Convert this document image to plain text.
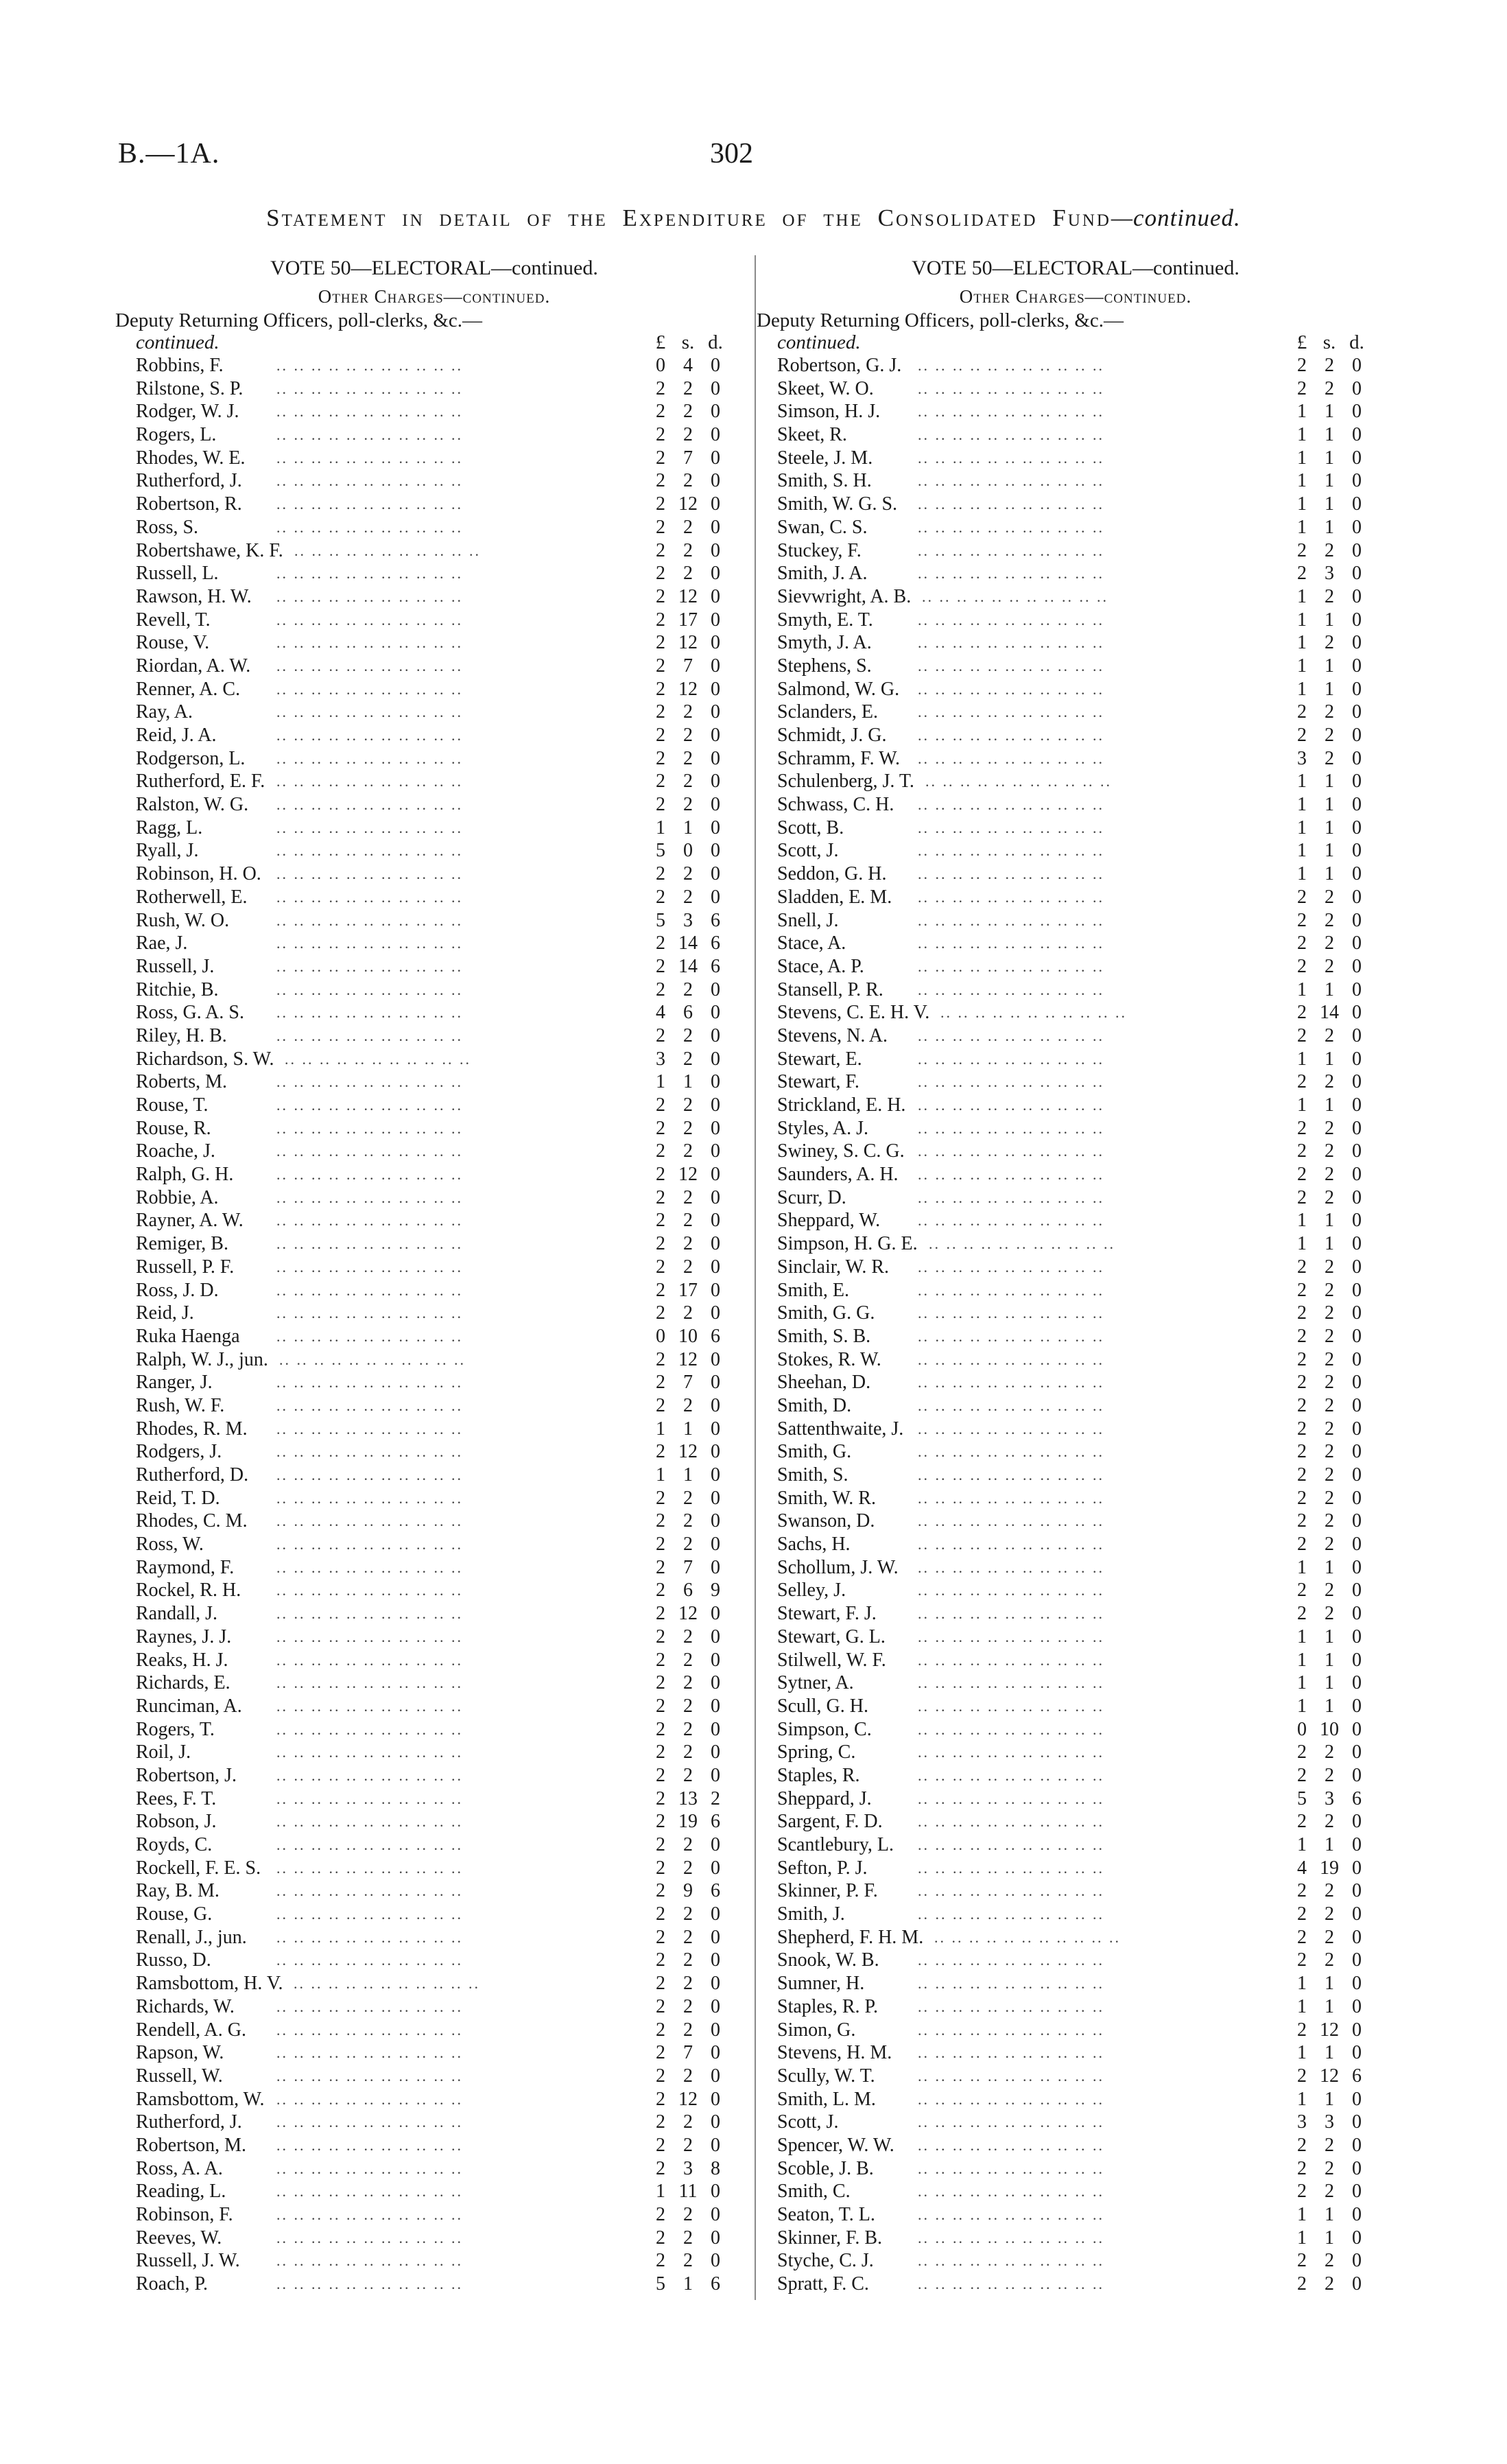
B.—1A.	302
Statement in detail of the Expenditure of the Consolidated Fund—continued.
VOTE 50—ELECTORAL—continued.
Other Charges—continued.
Deputy Returning Officers, poll-clerks, &c.—
continued.	£ s. d.
Robbins, F.	.. .. .. .. .. .. .. .. .. .. ..	0 4 0
Rilstone, S. P. .. .. .. .. .. .. .. .. .. .. ..	2 2 0
Rodger, W. J. .. .. .. .. .. .. .. .. .. .. ..	2 2 0
Rogers, L.	.. .. .. .. .. .. .. .. .. .. ..	2 2 0
Rhodes, W. E. .. .. .. .. .. .. .. .. .. .. ..	2 7 0
Rutherford, J. .. .. .. .. .. .. .. .. .. .. ..	2 2 0
Robertson, R. .. .. .. .. .. .. .. .. .. .. ..	2 12 0
Ross, S.	.. .. .. .. .. .. .. .. .. .. ..	2 2 0
Robertshawe, K. F. .. .. .. .. .. .. .. .. .. .. ..	2 2 0
Russell, L.	.. .. .. .. .. .. .. .. .. .. ..	2 2 0
Rawson, H. W. .. .. .. .. .. .. .. .. .. .. ..	2 12 0
Revell, T.	.. .. .. .. .. .. .. .. .. .. ..	2 17 0
Rouse, V.	.. .. .. .. .. .. .. .. .. .. ..	2 12 0
Riordan, A. W. .. .. .. .. .. .. .. .. .. .. ..	2 7 0
Renner, A. C. .. .. .. .. .. .. .. .. .. .. ..	2 12 0
Ray, A.	.. .. .. .. .. .. .. .. .. .. ..	2 2 0
Reid, J. A.	.. .. .. .. .. .. .. .. .. .. ..	2 2 0
Rodgerson, L. .. .. .. .. .. .. .. .. .. .. ..	2 2 0
Rutherford, E. F. .. .. .. .. .. .. .. .. .. .. ..	2 2 0
Ralston, W. G. .. .. .. .. .. .. .. .. .. .. ..	2 2 0
Ragg, L.	.. .. .. .. .. .. .. .. .. .. ..	1 1 0
Ryall, J.	.. .. .. .. .. .. .. .. .. .. ..	5 0 0
Robinson, H. O. .. .. .. .. .. .. .. .. .. .. ..	2 2 0
Rotherwell, E. .. .. .. .. .. .. .. .. .. .. ..	2 2 0
Rush, W. O.	.. .. .. .. .. .. .. .. .. .. ..	5 3 6
Rae, J.	.. .. .. .. .. .. .. .. .. .. ..	2 14 6
Russell, J.	.. .. .. .. .. .. .. .. .. .. ..	2 14 6
Ritchie, B.	.. .. .. .. .. .. .. .. .. .. ..	2 2 0
Ross, G. A. S. .. .. .. .. .. .. .. .. .. .. ..	4 6 0
Riley, H. B.	.. .. .. .. .. .. .. .. .. .. ..	2 2 0
Richardson, S. W. .. .. .. .. .. .. .. .. .. .. ..	3 2 0
Roberts, M.	.. .. .. .. .. .. .. .. .. .. ..	1 1 0
Rouse, T.	.. .. .. .. .. .. .. .. .. .. ..	2 2 0
Rouse, R.	.. .. .. .. .. .. .. .. .. .. ..	2 2 0
Roache, J.	.. .. .. .. .. .. .. .. .. .. ..	2 2 0
Ralph, G. H.	.. .. .. .. .. .. .. .. .. .. ..	2 12 0
Robbie, A.	.. .. .. .. .. .. .. .. .. .. ..	2 2 0
Rayner, A. W. .. .. .. .. .. .. .. .. .. .. ..	2 2 0
Remiger, B.	.. .. .. .. .. .. .. .. .. .. ..	2 2 0
Russell, P. F.	.. .. .. .. .. .. .. .. .. .. ..	2 2 0
Ross, J. D.	.. .. .. .. .. .. .. .. .. .. ..	2 17 0
Reid, J.	.. .. .. .. .. .. .. .. .. .. ..	2 2 0
Ruka Haenga .. .. .. .. .. .. .. .. .. .. ..	0 10 6
Ralph, W. J., jun. .. .. .. .. .. .. .. .. .. .. ..	2 12 0
Ranger, J.	.. .. .. .. .. .. .. .. .. .. ..	2 7 0
Rush, W. F.	.. .. .. .. .. .. .. .. .. .. ..	2 2 0
Rhodes, R. M. .. .. .. .. .. .. .. .. .. .. ..	1 1 0
Rodgers, J.	.. .. .. .. .. .. .. .. .. .. ..	2 12 0
Rutherford, D. .. .. .. .. .. .. .. .. .. .. ..	1 1 0
Reid, T. D.	.. .. .. .. .. .. .. .. .. .. ..	2 2 0
Rhodes, C. M. .. .. .. .. .. .. .. .. .. .. ..	2 2 0
Ross, W.	.. .. .. .. .. .. .. .. .. .. ..	2 2 0
Raymond, F.	.. .. .. .. .. .. .. .. .. .. ..	2 7 0
Rockel, R. H. .. .. .. .. .. .. .. .. .. .. ..	2 6 9
Randall, J.	.. .. .. .. .. .. .. .. .. .. ..	2 12 0
Raynes, J. J.	.. .. .. .. .. .. .. .. .. .. ..	2 2 0
Reaks, H. J.	.. .. .. .. .. .. .. .. .. .. ..	2 2 0
Richards, E.	.. .. .. .. .. .. .. .. .. .. ..	2 2 0
Runciman, A. .. .. .. .. .. .. .. .. .. .. ..	2 2 0
Rogers, T.	.. .. .. .. .. .. .. .. .. .. ..	2 2 0
Roil, J.	.. .. .. .. .. .. .. .. .. .. ..	2 2 0
Robertson, J.	.. .. .. .. .. .. .. .. .. .. ..	2 2 0
Rees, F. T.	.. .. .. .. .. .. .. .. .. .. ..	2 13 2
Robson, J.	.. .. .. .. .. .. .. .. .. .. ..	2 19 6
Royds, C.	.. .. .. .. .. .. .. .. .. .. ..	2 2 0
Rockell, F. E. S. .. .. .. .. .. .. .. .. .. .. ..	2 2 0
Ray, B. M.	.. .. .. .. .. .. .. .. .. .. ..	2 9 6
Rouse, G.	.. .. .. .. .. .. .. .. .. .. ..	2 2 0
Renall, J., jun. .. .. .. .. .. .. .. .. .. .. ..	2 2 0
Russo, D.	.. .. .. .. .. .. .. .. .. .. ..	2 2 0
Ramsbottom, H. V. .. .. .. .. .. .. .. .. .. .. ..	2 2 0
Richards, W.	.. .. .. .. .. .. .. .. .. .. ..	2 2 0
Rendell, A. G. .. .. .. .. .. .. .. .. .. .. ..	2 2 0
Rapson, W.	.. .. .. .. .. .. .. .. .. .. ..	2 7 0
Russell, W.	.. .. .. .. .. .. .. .. .. .. ..	2 2 0
Ramsbottom, W. .. .. .. .. .. .. .. .. .. .. ..	2 12 0
Rutherford, J. .. .. .. .. .. .. .. .. .. .. ..	2 2 0
Robertson, M. .. .. .. .. .. .. .. .. .. .. ..	2 2 0
Ross, A. A.	.. .. .. .. .. .. .. .. .. .. ..	2 3 8
Reading, L.	.. .. .. .. .. .. .. .. .. .. ..	1 11 0
Robinson, F.	.. .. .. .. .. .. .. .. .. .. ..	2 2 0
Reeves, W.	.. .. .. .. .. .. .. .. .. .. ..	2 2 0
Russell, J. W. .. .. .. .. .. .. .. .. .. .. ..	2 2 0
Roach, P.	.. .. .. .. .. .. .. .. .. .. ..	5 1 6
VOTE 50—ELECTORAL—continued.
Other Charges—continued.
Deputy Returning Officers, poll-clerks, &c.—
continued.	£ s. d.
Robertson, G. J. .. .. .. .. .. .. .. .. .. .. ..	2 2 0
Skeet, W. O.	.. .. .. .. .. .. .. .. .. .. ..	2 2 0
Simson, H. J. .. .. .. .. .. .. .. .. .. .. ..	1 1 0
Skeet, R.	.. .. .. .. .. .. .. .. .. .. ..	1 1 0
Steele, J. M.	.. .. .. .. .. .. .. .. .. .. ..	1 1 0
Smith, S. H.	.. .. .. .. .. .. .. .. .. .. ..	1 1 0
Smith, W. G. S. .. .. .. .. .. .. .. .. .. .. ..	1 1 0
Swan, C. S.	.. .. .. .. .. .. .. .. .. .. ..	1 1 0
Stuckey, F.	.. .. .. .. .. .. .. .. .. .. ..	2 2 0
Smith, J. A.	.. .. .. .. .. .. .. .. .. .. ..	2 3 0
Sievwright, A. B. .. .. .. .. .. .. .. .. .. .. ..	1 2 0
Smyth, E. T.	.. .. .. .. .. .. .. .. .. .. ..	1 1 0
Smyth, J. A.	.. .. .. .. .. .. .. .. .. .. ..	1 2 0
Stephens, S.	.. .. .. .. .. .. .. .. .. .. ..	1 1 0
Salmond, W. G. .. .. .. .. .. .. .. .. .. .. ..	1 1 0
Sclanders, E.	.. .. .. .. .. .. .. .. .. .. ..	2 2 0
Schmidt, J. G. .. .. .. .. .. .. .. .. .. .. ..	2 2 0
Schramm, F. W. .. .. .. .. .. .. .. .. .. .. ..	3 2 0
Schulenberg, J. T. .. .. .. .. .. .. .. .. .. .. ..	1 1 0
Schwass, C. H. .. .. .. .. .. .. .. .. .. .. ..	1 1 0
Scott, B.	.. .. .. .. .. .. .. .. .. .. ..	1 1 0
Scott, J.	.. .. .. .. .. .. .. .. .. .. ..	1 1 0
Seddon, G. H. .. .. .. .. .. .. .. .. .. .. ..	1 1 0
Sladden, E. M. .. .. .. .. .. .. .. .. .. .. ..	2 2 0
Snell, J.	.. .. .. .. .. .. .. .. .. .. ..	2 2 0
Stace, A.	.. .. .. .. .. .. .. .. .. .. ..	2 2 0
Stace, A. P.	.. .. .. .. .. .. .. .. .. .. ..	2 2 0
Stansell, P. R. .. .. .. .. .. .. .. .. .. .. ..	1 1 0
Stevens, C. E. H. V. .. .. .. .. .. .. .. .. .. .. ..	2 14 0
Stevens, N. A. .. .. .. .. .. .. .. .. .. .. ..	2 2 0
Stewart, E.	.. .. .. .. .. .. .. .. .. .. ..	1 1 0
Stewart, F.	.. .. .. .. .. .. .. .. .. .. ..	2 2 0
Strickland, E. H. .. .. .. .. .. .. .. .. .. .. ..	1 1 0
Styles, A. J.	.. .. .. .. .. .. .. .. .. .. ..	2 2 0
Swiney, S. C. G. .. .. .. .. .. .. .. .. .. .. ..	2 2 0
Saunders, A. H. .. .. .. .. .. .. .. .. .. .. ..	2 2 0
Scurr, D.	.. .. .. .. .. .. .. .. .. .. ..	2 2 0
Sheppard, W. .. .. .. .. .. .. .. .. .. .. ..	1 1 0
Simpson, H. G. E. .. .. .. .. .. .. .. .. .. .. ..	1 1 0
Sinclair, W. R. .. .. .. .. .. .. .. .. .. .. ..	2 2 0
Smith, E.	.. .. .. .. .. .. .. .. .. .. ..	2 2 0
Smith, G. G.	.. .. .. .. .. .. .. .. .. .. ..	2 2 0
Smith, S. B.	.. .. .. .. .. .. .. .. .. .. ..	2 2 0
Stokes, R. W. .. .. .. .. .. .. .. .. .. .. ..	2 2 0
Sheehan, D.	.. .. .. .. .. .. .. .. .. .. ..	2 2 0
Smith, D.	.. .. .. .. .. .. .. .. .. .. ..	2 2 0
Sattenthwaite, J. .. .. .. .. .. .. .. .. .. .. ..	2 2 0
Smith, G.	.. .. .. .. .. .. .. .. .. .. ..	2 2 0
Smith, S.	.. .. .. .. .. .. .. .. .. .. ..	2 2 0
Smith, W. R.	.. .. .. .. .. .. .. .. .. .. ..	2 2 0
Swanson, D.	.. .. .. .. .. .. .. .. .. .. ..	2 2 0
Sachs, H.	.. .. .. .. .. .. .. .. .. .. ..	2 2 0
Schollum, J. W. .. .. .. .. .. .. .. .. .. .. ..	1 1 0
Selley, J.	.. .. .. .. .. .. .. .. .. .. ..	2 2 0
Stewart, F. J.	.. .. .. .. .. .. .. .. .. .. ..	2 2 0
Stewart, G. L. .. .. .. .. .. .. .. .. .. .. ..	1 1 0
Stilwell, W. F. .. .. .. .. .. .. .. .. .. .. ..	1 1 0
Sytner, A.	.. .. .. .. .. .. .. .. .. .. ..	1 1 0
Scull, G. H.	.. .. .. .. .. .. .. .. .. .. ..	1 1 0
Simpson, C.	.. .. .. .. .. .. .. .. .. .. ..	0 10 0
Spring, C.	.. .. .. .. .. .. .. .. .. .. ..	2 2 0
Staples, R.	.. .. .. .. .. .. .. .. .. .. ..	2 2 0
Sheppard, J.	.. .. .. .. .. .. .. .. .. .. ..	5 3 6
Sargent, F. D. .. .. .. .. .. .. .. .. .. .. ..	2 2 0
Scantlebury, L. .. .. .. .. .. .. .. .. .. .. ..	1 1 0
Sefton, P. J.	.. .. .. .. .. .. .. .. .. .. ..	4 19 0
Skinner, P. F.	.. .. .. .. .. .. .. .. .. .. ..	2 2 0
Smith, J.	.. .. .. .. .. .. .. .. .. .. ..	2 2 0
Shepherd, F. H. M. .. .. .. .. .. .. .. .. .. .. ..	2 2 0
Snook, W. B.	.. .. .. .. .. .. .. .. .. .. ..	2 2 0
Sumner, H.	.. .. .. .. .. .. .. .. .. .. ..	1 1 0
Staples, R. P.	.. .. .. .. .. .. .. .. .. .. ..	1 1 0
Simon, G.	.. .. .. .. .. .. .. .. .. .. ..	2 12 0
Stevens, H. M. .. .. .. .. .. .. .. .. .. .. ..	1 1 0
Scully, W. T.	.. .. .. .. .. .. .. .. .. .. ..	2 12 6
Smith, L. M.	.. .. .. .. .. .. .. .. .. .. ..	1 1 0
Scott, J.	.. .. .. .. .. .. .. .. .. .. ..	3 3 0
Spencer, W. W. .. .. .. .. .. .. .. .. .. .. ..	2 2 0
Scoble, J. B.	.. .. .. .. .. .. .. .. .. .. ..	2 2 0
Smith, C.	.. .. .. .. .. .. .. .. .. .. ..	2 2 0
Seaton, T. L.	.. .. .. .. .. .. .. .. .. .. ..	1 1 0
Skinner, F. B. .. .. .. .. .. .. .. .. .. .. ..	1 1 0
Styche, C. J.	.. .. .. .. .. .. .. .. .. .. ..	2 2 0
Spratt, F. C.	.. .. .. .. .. .. .. .. .. .. ..	2 2 0
